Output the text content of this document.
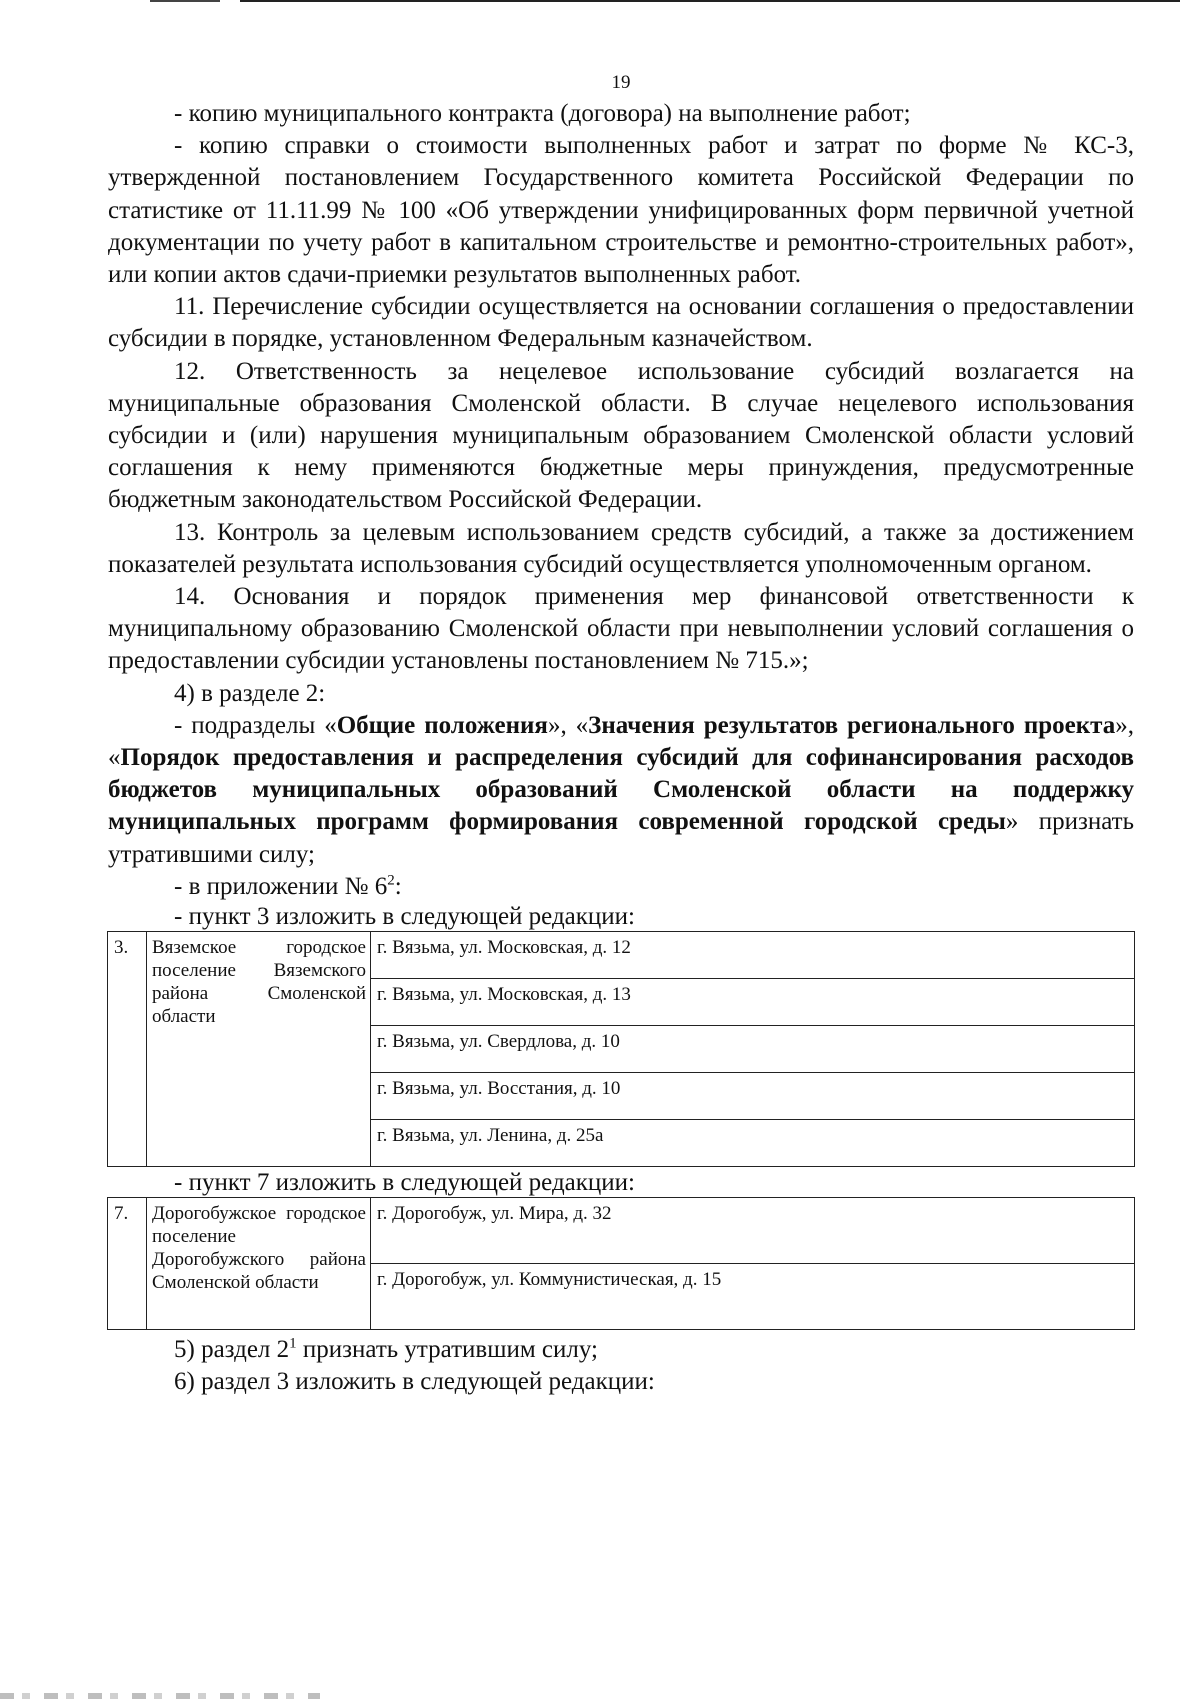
19

- копию муниципального контракта (договора) на выполнение работ;

- копию справки о стоимости выполненных работ и затрат по форме № КС-3, утвержденной постановлением Государственного комитета Российской Федерации по статистике от 11.11.99 № 100 «Об утверждении унифицированных форм первичной учетной документации по учету работ в капитальном строительстве и ремонтно-строительных работ», или копии актов сдачи-приемки результатов выполненных работ.

11. Перечисление субсидии осуществляется на основании соглашения о предоставлении субсидии в порядке, установленном Федеральным казначейством.

12. Ответственность за нецелевое использование субсидий возлагается на муниципальные образования Смоленской области. В случае нецелевого использования субсидии и (или) нарушения муниципальным образованием Смоленской области условий соглашения к нему применяются бюджетные меры принуждения, предусмотренные бюджетным законодательством Российской Федерации.

13. Контроль за целевым использованием средств субсидий, а также за достижением показателей результата использования субсидий осуществляется уполномоченным органом.

14. Основания и порядок применения мер финансовой ответственности к муниципальному образованию Смоленской области при невыполнении условий соглашения о предоставлении субсидии установлены постановлением № 715.»;

4) в разделе 2:

- подразделы «Общие положения», «Значения результатов регионального проекта», «Порядок предоставления и распределения субсидий для софинансирования расходов бюджетов муниципальных образований Смоленской области на поддержку муниципальных программ формирования современной городской среды» признать утратившими силу;

- в приложении № $6^2$:

- пункт 3 изложить в следующей редакции:
3.	Вяземское городское поселение Вяземского района Смоленской области	г. Вязьма, ул. Московская, д. 12
г. Вязьма, ул. Московская, д. 13
г. Вязьма, ул. Свердлова, д. 10
г. Вязьма, ул. Восстания, д. 10
г. Вязьма, ул. Ленина, д. 25а
- пункт 7 изложить в следующей редакции:
7.	Дорогобужское городское поселение Дорогобужского района Смоленской области	г. Дорогобуж, ул. Мира, д. 32
г. Дорогобуж, ул. Коммунистическая, д. 15

5) раздел $2^1$ признать утратившим силу;

6) раздел 3 изложить в следующей редакции:
